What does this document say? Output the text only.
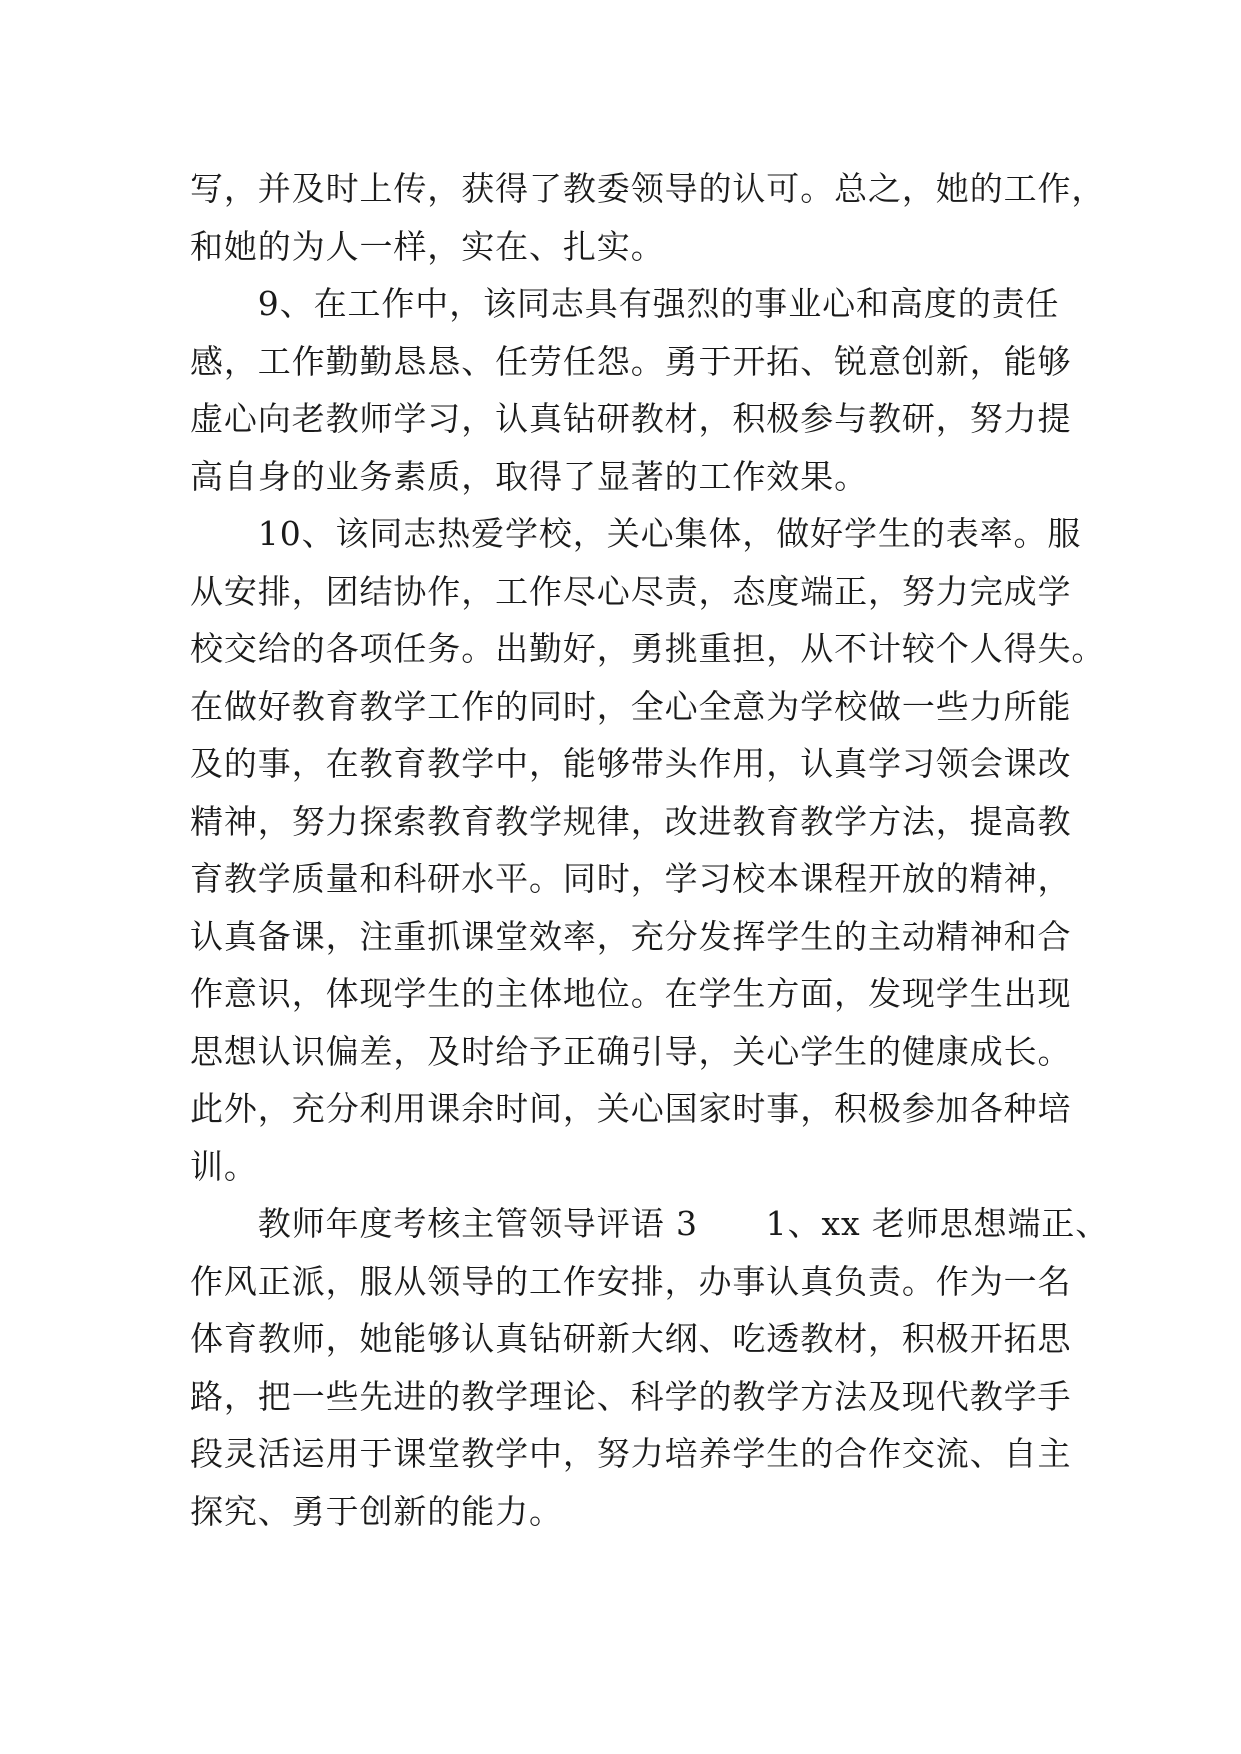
写，并及时上传，获得了教委领导的认可。总之，她的工作，
和她的为人一样，实在、扎实。
　　9、在工作中，该同志具有强烈的事业心和高度的责任
感，工作勤勤恳恳、任劳任怨。勇于开拓、锐意创新，能够
虚心向老教师学习，认真钻研教材，积极参与教研，努力提
高自身的业务素质，取得了显著的工作效果。
　　10、该同志热爱学校，关心集体，做好学生的表率。服
从安排，团结协作，工作尽心尽责，态度端正，努力完成学
校交给的各项任务。出勤好，勇挑重担，从不计较个人得失。
在做好教育教学工作的同时，全心全意为学校做一些力所能
及的事，在教育教学中，能够带头作用，认真学习领会课改
精神，努力探索教育教学规律，改进教育教学方法，提高教
育教学质量和科研水平。同时，学习校本课程开放的精神，
认真备课，注重抓课堂效率，充分发挥学生的主动精神和合
作意识，体现学生的主体地位。在学生方面，发现学生出现
思想认识偏差，及时给予正确引导，关心学生的健康成长。
此外，充分利用课余时间，关心国家时事，积极参加各种培
训。
　　教师年度考核主管领导评语 3　　1、xx 老师思想端正、
作风正派，服从领导的工作安排，办事认真负责。作为一名
体育教师，她能够认真钻研新大纲、吃透教材，积极开拓思
路，把一些先进的教学理论、科学的教学方法及现代教学手
段灵活运用于课堂教学中，努力培养学生的合作交流、自主
探究、勇于创新的能力。
